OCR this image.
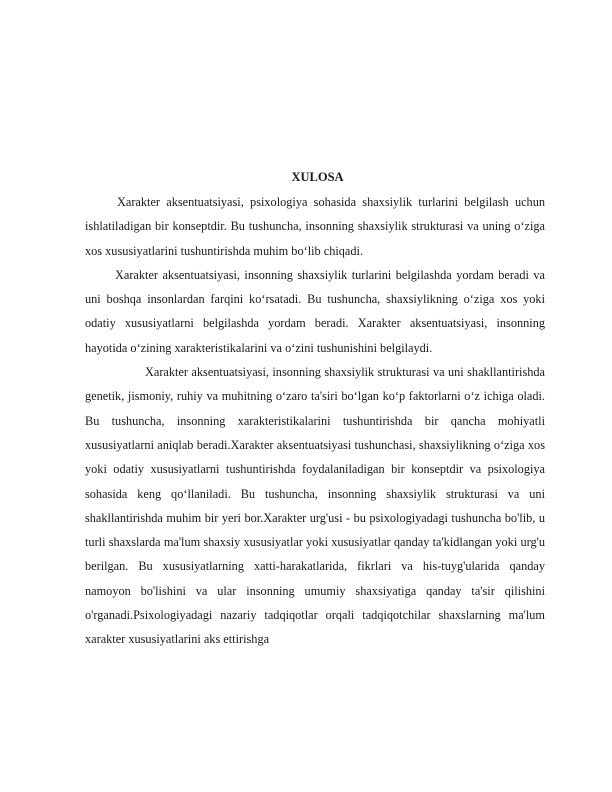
XULOSA

Xarakter aksentuatsiyasi, psixologiya sohasida shaxsiylik turlarini belgilash uchun ishlatiladigan bir konseptdir. Bu tushuncha, insonning shaxsiylik strukturasi va uning o‘ziga xos xususiyatlarini tushuntirishda muhim bo‘lib chiqadi.

Xarakter aksentuatsiyasi, insonning shaxsiylik turlarini belgilashda yordam beradi va uni boshqa insonlardan farqini ko‘rsatadi. Bu tushuncha, shaxsiylikning o‘ziga xos yoki odatiy xususiyatlarni belgilashda yordam beradi. Xarakter aksentuatsiyasi, insonning hayotida o‘zining xarakteristikalarini va o‘zini tushunishini belgilaydi.

Xarakter aksentuatsiyasi, insonning shaxsiylik strukturasi va uni shakllantirishda genetik, jismoniy, ruhiy va muhitning o‘zaro ta'siri bo‘lgan ko‘p faktorlarni o‘z ichiga oladi. Bu tushuncha, insonning xarakteristikalarini tushuntirishda bir qancha mohiyatli xususiyatlarni aniqlab beradi.Xarakter aksentuatsiyasi tushunchasi, shaxsiylikning o‘ziga xos yoki odatiy xususiyatlarni tushuntirishda foydalaniladigan bir konseptdir va psixologiya sohasida keng qo‘llaniladi. Bu tushuncha, insonning shaxsiylik strukturasi va uni shakllantirishda muhim bir yeri bor.Xarakter urg'usi - bu psixologiyadagi tushuncha bo'lib, u turli shaxslarda ma'lum shaxsiy xususiyatlar yoki xususiyatlar qanday ta'kidlangan yoki urg'u berilgan. Bu xususiyatlarning xatti-harakatlarida, fikrlari va his-tuyg'ularida qanday namoyon bo'lishini va ular insonning umumiy shaxsiyatiga qanday ta'sir qilishini o'rganadi.Psixologiyadagi nazariy tadqiqotlar orqali tadqiqotchilar shaxslarning ma'lum xarakter xususiyatlarini aks ettirishga
